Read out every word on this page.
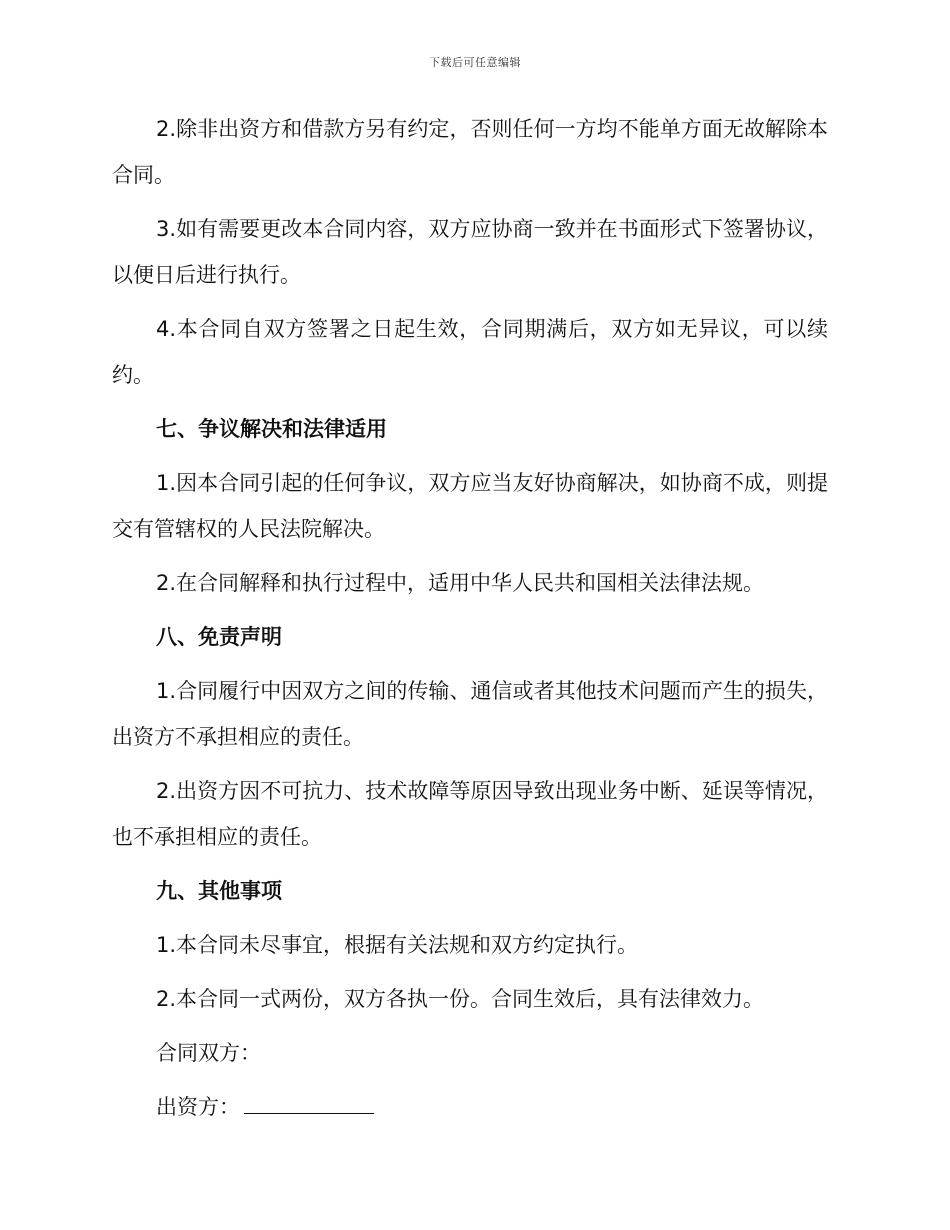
下载后可任意编辑

2.除非出资方和借款方另有约定，否则任何一方均不能单方面无故解除本合同。

3.如有需要更改本合同内容，双方应协商一致并在书面形式下签署协议，以便日后进行执行。

4.本合同自双方签署之日起生效，合同期满后，双方如无异议，可以续约。

七、争议解决和法律适用

1.因本合同引起的任何争议，双方应当友好协商解决，如协商不成，则提交有管辖权的人民法院解决。

2.在合同解释和执行过程中，适用中华人民共和国相关法律法规。

八、免责声明

1.合同履行中因双方之间的传输、通信或者其他技术问题而产生的损失，出资方不承担相应的责任。

2.出资方因不可抗力、技术故障等原因导致出现业务中断、延误等情况，也不承担相应的责任。

九、其他事项

1.本合同未尽事宜，根据有关法规和双方约定执行。

2.本合同一式两份，双方各执一份。合同生效后，具有法律效力。

合同双方：

出资方：
